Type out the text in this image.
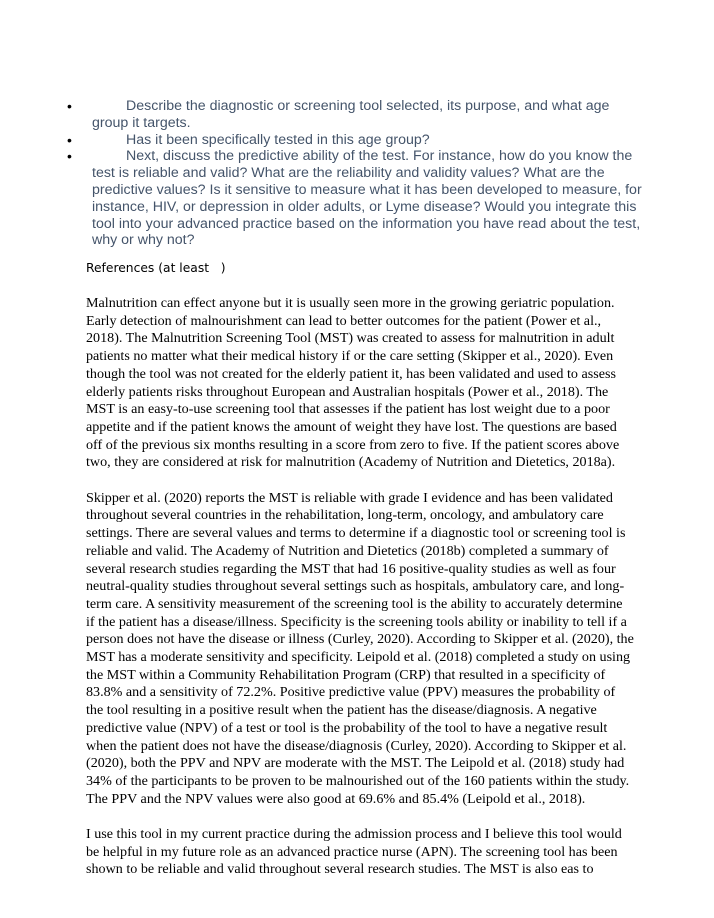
•	Describe the diagnostic or screening tool selected, its purpose, and what age group it targets.
•	Has it been specifically tested in this age group?
•	Next, discuss the predictive ability of the test. For instance, how do you know the test is reliable and valid? What are the reliability and validity values? What are the predictive values? Is it sensitive to measure what it has been developed to measure, for instance, HIV, or depression in older adults, or Lyme disease? Would you integrate this tool into your advanced practice based on the information you have read about the test, why or why not?
References (at least   )

Malnutrition can effect anyone but it is usually seen more in the growing geriatric population. Early detection of malnourishment can lead to better outcomes for the patient (Power et al., 2018). The Malnutrition Screening Tool (MST) was created to assess for malnutrition in adult patients no matter what their medical history if or the care setting (Skipper et al., 2020). Even though the tool was not created for the elderly patient it, has been validated and used to assess elderly patients risks throughout European and Australian hospitals (Power et al., 2018). The MST is an easy-to-use screening tool that assesses if the patient has lost weight due to a poor appetite and if the patient knows the amount of weight they have lost. The questions are based off of the previous six months resulting in a score from zero to five. If the patient scores above two, they are considered at risk for malnutrition (Academy of Nutrition and Dietetics, 2018a).

Skipper et al. (2020) reports the MST is reliable with grade I evidence and has been validated throughout several countries in the rehabilitation, long-term, oncology, and ambulatory care settings. There are several values and terms to determine if a diagnostic tool or screening tool is reliable and valid. The Academy of Nutrition and Dietetics (2018b) completed a summary of several research studies regarding the MST that had 16 positive-quality studies as well as four neutral-quality studies throughout several settings such as hospitals, ambulatory care, and long-term care. A sensitivity measurement of the screening tool is the ability to accurately determine if the patient has a disease/illness. Specificity is the screening tools ability or inability to tell if a person does not have the disease or illness (Curley, 2020). According to Skipper et al. (2020), the MST has a moderate sensitivity and specificity. Leipold et al. (2018) completed a study on using the MST within a Community Rehabilitation Program (CRP) that resulted in a specificity of 83.8% and a sensitivity of 72.2%. Positive predictive value (PPV) measures the probability of the tool resulting in a positive result when the patient has the disease/diagnosis. A negative predictive value (NPV) of a test or tool is the probability of the tool to have a negative result when the patient does not have the disease/diagnosis (Curley, 2020). According to Skipper et al. (2020), both the PPV and NPV are moderate with the MST. The Leipold et al. (2018) study had 34% of the participants to be proven to be malnourished out of the 160 patients within the study. The PPV and the NPV values were also good at 69.6% and 85.4% (Leipold et al., 2018).

I use this tool in my current practice during the admission process and I believe this tool would be helpful in my future role as an advanced practice nurse (APN). The screening tool has been shown to be reliable and valid throughout several research studies. The MST is also eas to
